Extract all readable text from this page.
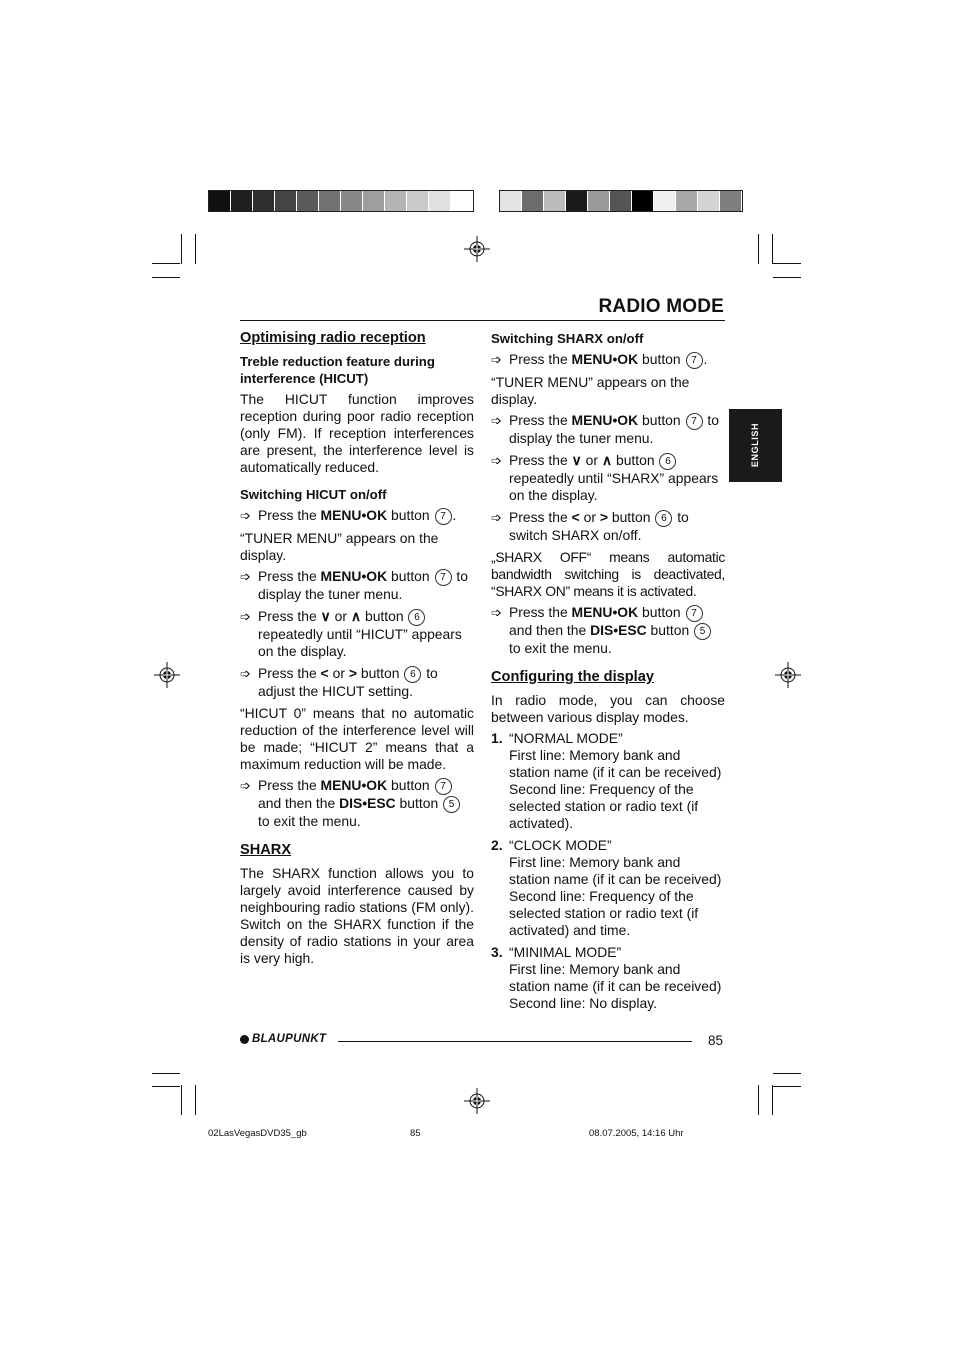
RADIO MODE
ENGLISH

Optimising radio reception

Treble reduction feature during interference (HICUT)

The HICUT function improves reception during poor radio reception (only FM). If reception interferences are present, the interference level is automatically reduced.

Switching HICUT on/off

➩ Press the MENU•OK button 7 .

“TUNER MENU” appears on the display.

➩ Press the MENU•OK button 7 to display the tuner menu.
➩ Press the ∨ or ∧ button 6 repeatedly until “HICUT” appears on the display.
➩ Press the < or > button 6 to adjust the HICUT setting.

“HICUT 0” means that no automatic reduction of the interference level will be made; “HICUT 2” means that a maximum reduction will be made.

➩ Press the MENU•OK button 7 and then the DIS•ESC button 5 to exit the menu.

SHARX

The SHARX function allows you to largely avoid interference caused by neighbouring radio stations (FM only). Switch on the SHARX function if the density of radio stations in your area is very high.

Switching SHARX on/off

➩ Press the MENU•OK button 7 .

“TUNER MENU” appears on the display.

➩ Press the MENU•OK button 7 to display the tuner menu.
➩ Press the ∨ or ∧ button 6 repeatedly until “SHARX” appears on the display.
➩ Press the < or > button 6 to switch SHARX on/off.

„SHARX OFF“ means automatic bandwidth switching is deactivated, “SHARX ON” means it is activated.

➩ Press the MENU•OK button 7 and then the DIS•ESC button 5 to exit the menu.

Configuring the display

In radio mode, you can choose between various display modes.

1. “NORMAL MODE”
First line: Memory bank and station name (if it can be received)
Second line: Frequency of the selected station or radio text (if activated).
2. “CLOCK MODE”
First line: Memory bank and station name (if it can be received)
Second line: Frequency of the selected station or radio text (if activated) and time.
3. “MINIMAL MODE”
First line: Memory bank and station name (if it can be received)
Second line: No display.
BLAUPUNKT	85
02LasVegasDVD35_gb	85	08.07.2005, 14:16 Uhr
